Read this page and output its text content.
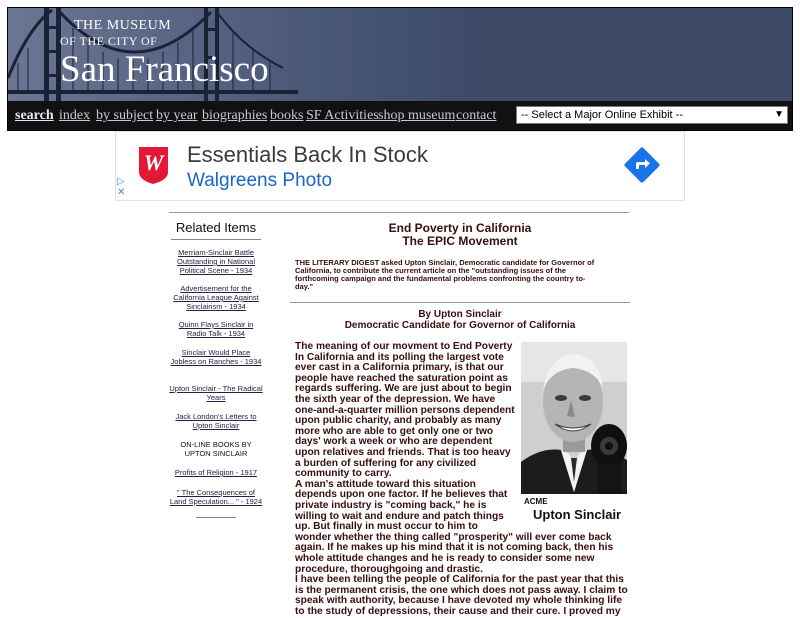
THE MUSEUM
OF THE CITY OF
San Francisco
search index by subject by year biographies books SF Activities shop museum contact -- Select a Major Online Exhibit --	▼
W Essentials Back In Stock
Walgreens Photo
▷
✕
Related Items
Merriam-Sinclair Battle Outstanding in National Political Scene - 1934
Advertisement for the California League Against Sinclairism - 1934
Quinn Flays Sinclair in Radio Talk - 1934
Sinclair Would Place Jobless on Ranches - 1934
Upton Sinclair - The Radical Years
Jack London's Letters to Upton Sinclair
ON-LINE BOOKS BY UPTON SINCLAIR
Profits of Religion - 1917
" The Consequences of Land Speculation... " - 1924
End Poverty in California
The EPIC Movement
THE LITERARY DIGEST asked Upton Sinclair, Democratic candidate for Governor of California, to contribute the current article on the "outstanding issues of the forthcoming campaign and the fundamental problems confronting the country to-day."
By Upton Sinclair
Democratic Candidate for Governor of California
ACME
Upton Sinclair

The meaning of our movment to End Poverty

In California and its polling the largest vote

ever cast in a California primary, is that our

people have reached the saturation point as

regards suffering. We are just about to begin

the sixth year of the depression. We have

one-and-a-quarter million persons dependent

upon public charity, and probably as many

more who are able to get only one or two

days' work a week or who are dependent

upon relatives and friends. That is too heavy

a burden of suffering for any civilized

community to carry.

A man's attitude toward this situation

depends upon one factor. If he believes that

private industry is "coming back," he is

willing to wait and endure and patch things

up. But finally in must occur to him to

wonder whether the thing called "prosperity" will ever come back

again. If he makes up his mind that it is not coming back, then his

whole attitude changes and he is ready to consider some new

procedure, thoroughgoing and drastic.

I have been telling the people of California for the past year that this

is the permanent crisis, the one which does not pass away. I claim to

speak with authority, because I have devoted my whole thinking life

to the study of depressions, their cause and their cure. I proved my
